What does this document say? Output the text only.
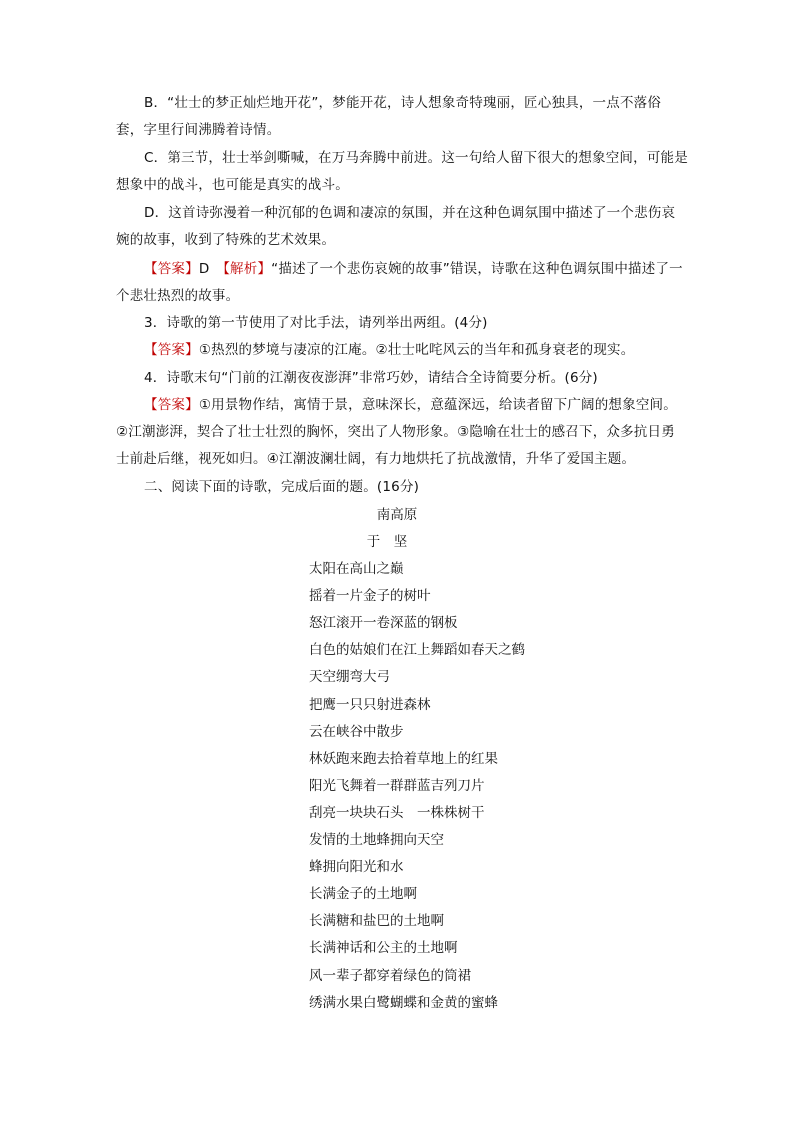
B．“壮士的梦正灿烂地开花”，梦能开花，诗人想象奇特瑰丽，匠心独具，一点不落俗套，字里行间沸腾着诗情。

C．第三节，壮士举剑嘶喊，在万马奔腾中前进。这一句给人留下很大的想象空间，可能是想象中的战斗，也可能是真实的战斗。

D．这首诗弥漫着一种沉郁的色调和凄凉的氛围，并在这种色调氛围中描述了一个悲伤哀婉的故事，收到了特殊的艺术效果。

【答案】D　【解析】“描述了一个悲伤哀婉的故事”错误，诗歌在这种色调氛围中描述了一个悲壮热烈的故事。

3．诗歌的第一节使用了对比手法，请列举出两组。(4分)

【答案】①热烈的梦境与凄凉的江庵。②壮士叱咤风云的当年和孤身衰老的现实。

4．诗歌末句“门前的江潮夜夜澎湃”非常巧妙，请结合全诗简要分析。(6分)

【答案】①用景物作结，寓情于景，意味深长，意蕴深远，给读者留下广阔的想象空间。②江潮澎湃，契合了壮士壮烈的胸怀，突出了人物形象。③隐喻在壮士的感召下，众多抗日勇士前赴后继，视死如归。④江潮波澜壮阔，有力地烘托了抗战激情，升华了爱国主题。

二、阅读下面的诗歌，完成后面的题。(16分)

南高原
于　坚
太阳在高山之巅
摇着一片金子的树叶
怒江滚开一卷深蓝的钢板
白色的姑娘们在江上舞蹈如春天之鹤
天空绷弯大弓
把鹰一只只射进森林
云在峡谷中散步
林妖跑来跑去拾着草地上的红果
阳光飞舞着一群群蓝吉列刀片
刮亮一块块石头　一株株树干
发情的土地蜂拥向天空
蜂拥向阳光和水
长满金子的土地啊
长满糖和盐巴的土地啊
长满神话和公主的土地啊
风一辈子都穿着绿色的筒裙
绣满水果白鹭蝴蝶和金黄的蜜蜂
